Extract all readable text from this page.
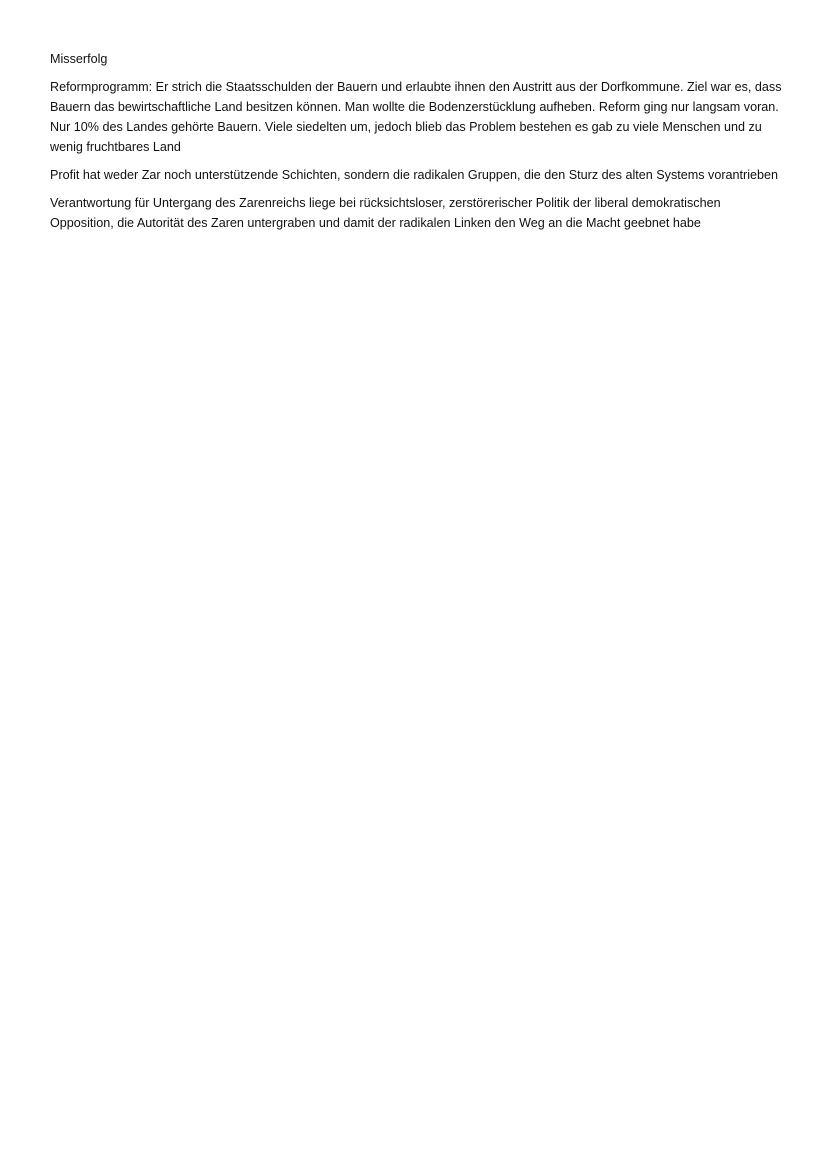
Misserfolg

Reformprogramm: Er strich die Staatsschulden der Bauern und erlaubte ihnen den Austritt aus der Dorfkommune. Ziel war es, dass Bauern das bewirtschaftliche Land besitzen können. Man wollte die Bodenzerstücklung aufheben. Reform ging nur langsam voran. Nur 10% des Landes gehörte Bauern. Viele siedelten um, jedoch blieb das Problem bestehen es gab zu viele Menschen und zu wenig fruchtbares Land

Profit hat weder Zar noch unterstützende Schichten, sondern die radikalen Gruppen, die den Sturz des alten Systems vorantrieben

Verantwortung für Untergang des Zarenreichs liege bei rücksichtsloser, zerstörerischer Politik der liberal demokratischen Opposition, die Autorität des Zaren untergraben und damit der radikalen Linken den Weg an die Macht geebnet habe
